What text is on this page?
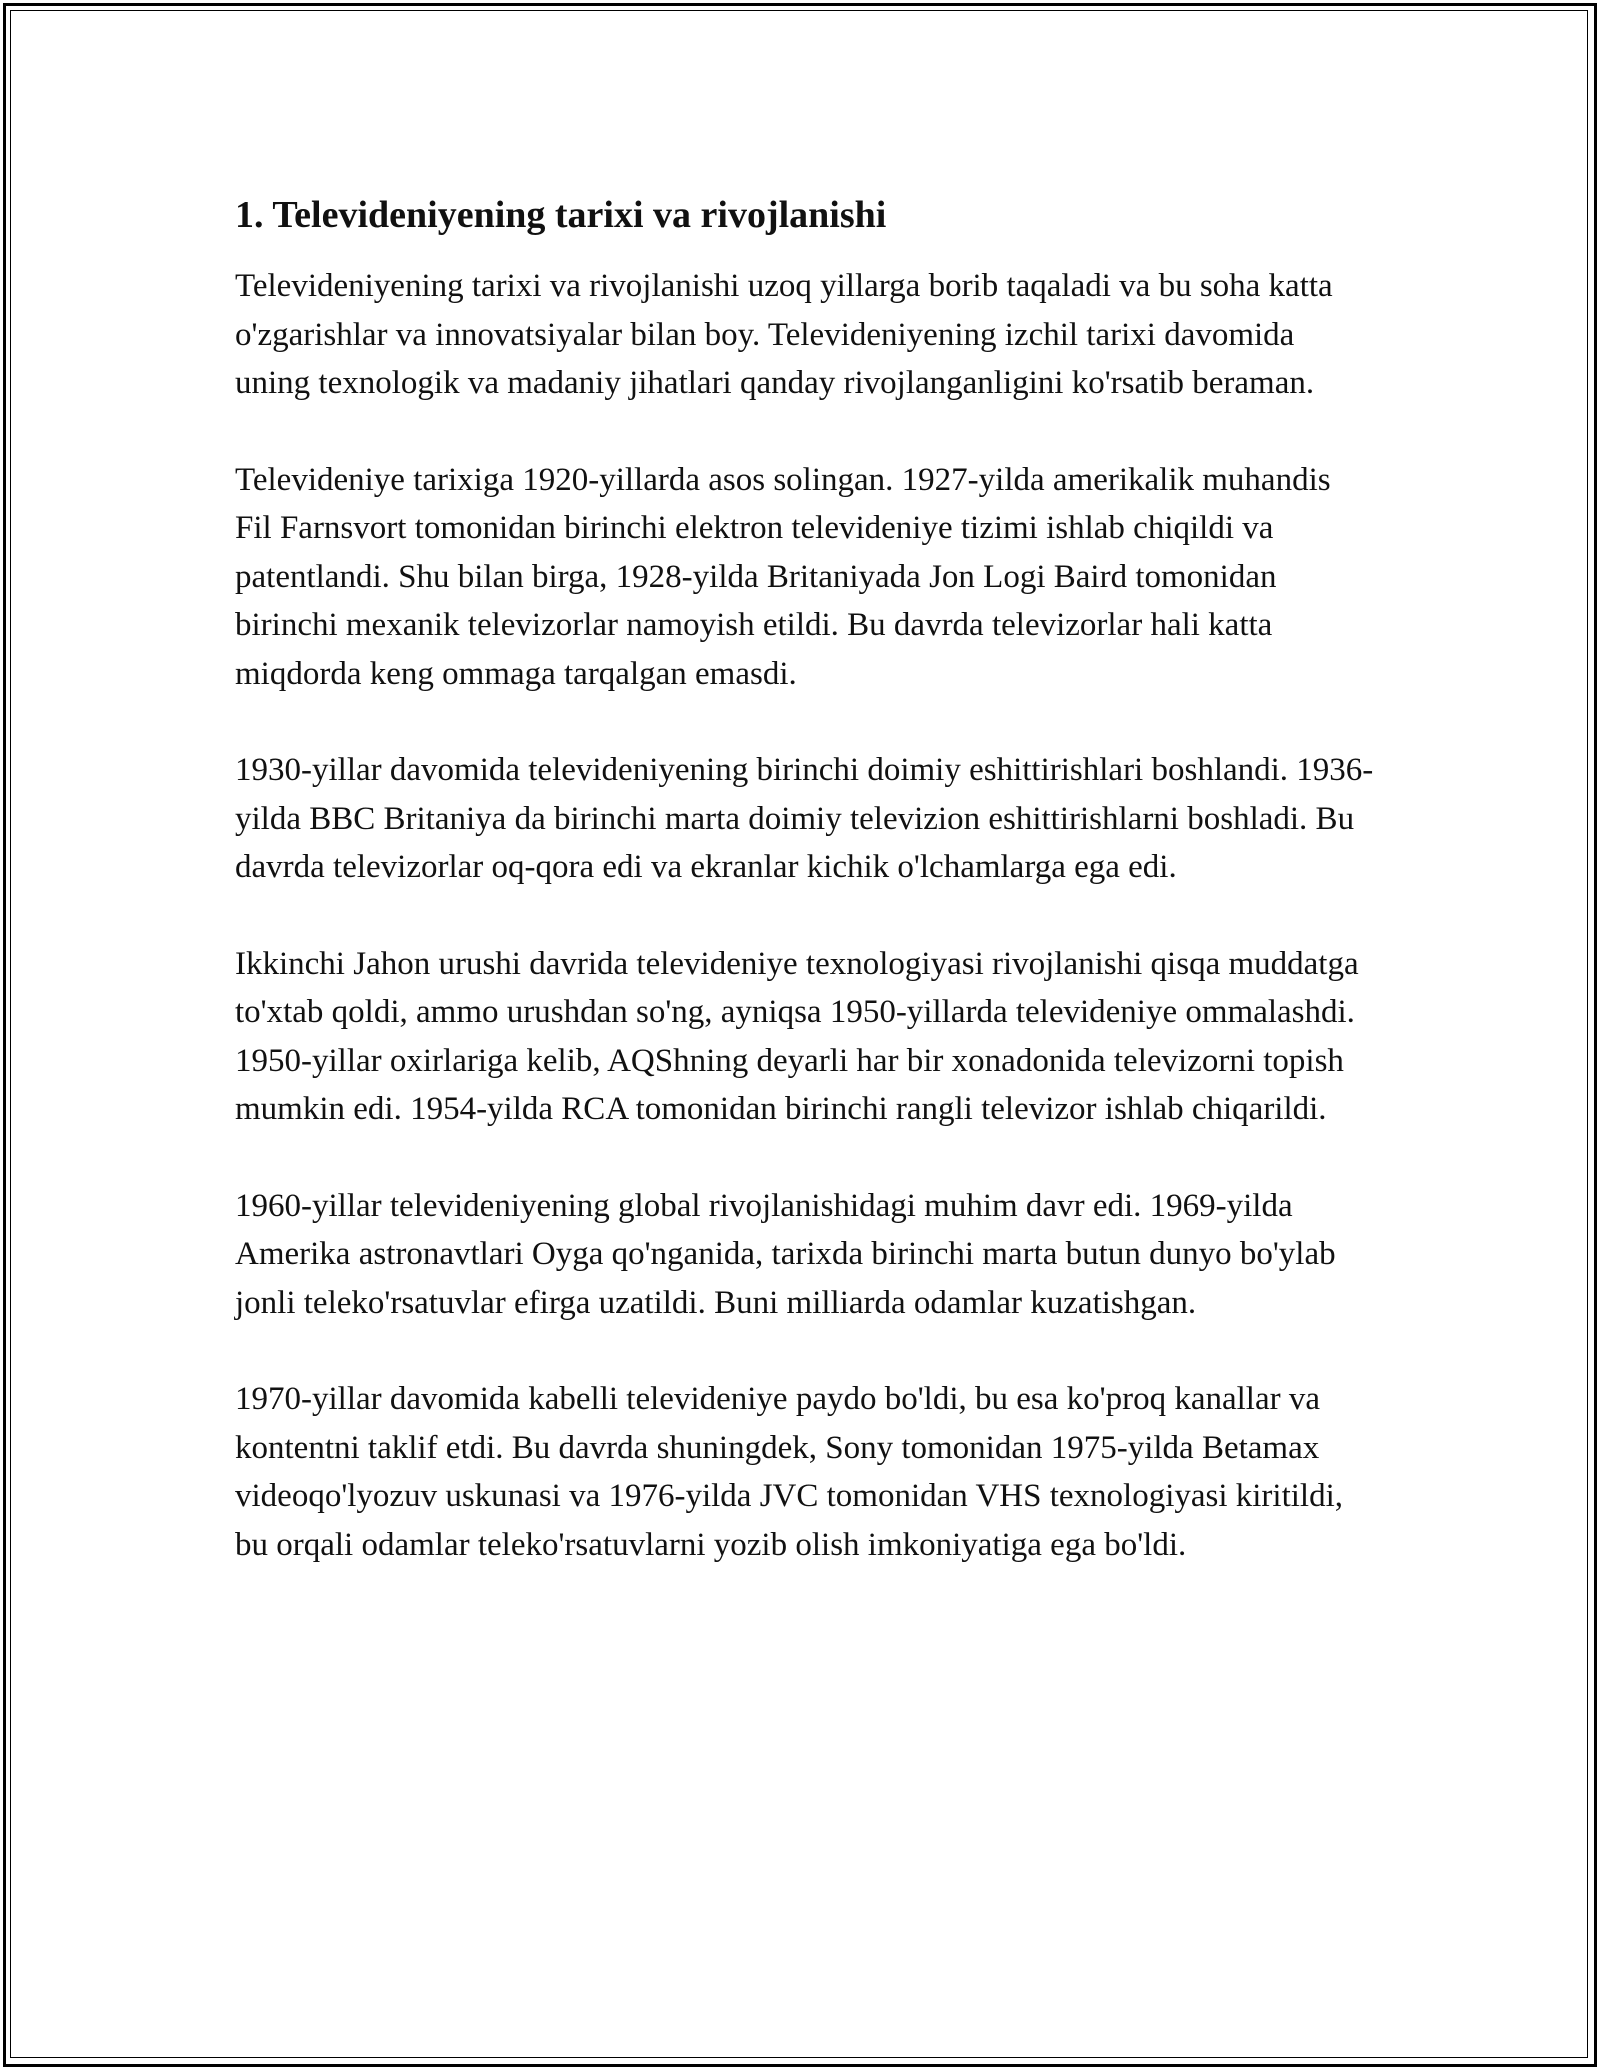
1. Televideniyening tarixi va rivojlanishi

Televideniyening tarixi va rivojlanishi uzoq yillarga borib taqaladi va bu soha katta o'zgarishlar va innovatsiyalar bilan boy. Televideniyening izchil tarixi davomida uning texnologik va madaniy jihatlari qanday rivojlanganligini ko'rsatib beraman.

Televideniye tarixiga 1920-yillarda asos solingan. 1927-yilda amerikalik muhandis Fil Farnsvort tomonidan birinchi elektron televideniye tizimi ishlab chiqildi va patentlandi. Shu bilan birga, 1928-yilda Britaniyada Jon Logi Baird tomonidan birinchi mexanik televizorlar namoyish etildi. Bu davrda televizorlar hali katta miqdorda keng ommaga tarqalgan emasdi.

1930-yillar davomida televideniyening birinchi doimiy eshittirishlari boshlandi. 1936-yilda BBC Britaniya da birinchi marta doimiy televizion eshittirishlarni boshladi. Bu davrda televizorlar oq-qora edi va ekranlar kichik o'lchamlarga ega edi.

Ikkinchi Jahon urushi davrida televideniye texnologiyasi rivojlanishi qisqa muddatga to'xtab qoldi, ammo urushdan so'ng, ayniqsa 1950-yillarda televideniye ommalashdi. 1950-yillar oxirlariga kelib, AQShning deyarli har bir xonadonida televizorni topish mumkin edi. 1954-yilda RCA tomonidan birinchi rangli televizor ishlab chiqarildi.

1960-yillar televideniyening global rivojlanishidagi muhim davr edi. 1969-yilda Amerika astronavtlari Oyga qo'nganida, tarixda birinchi marta butun dunyo bo'ylab jonli teleko'rsatuvlar efirga uzatildi. Buni milliarda odamlar kuzatishgan.

1970-yillar davomida kabelli televideniye paydo bo'ldi, bu esa ko'proq kanallar va kontentni taklif etdi. Bu davrda shuningdek, Sony tomonidan 1975-yilda Betamax videoqo'lyozuv uskunasi va 1976-yilda JVC tomonidan VHS texnologiyasi kiritildi, bu orqali odamlar teleko'rsatuvlarni yozib olish imkoniyatiga ega bo'ldi.
